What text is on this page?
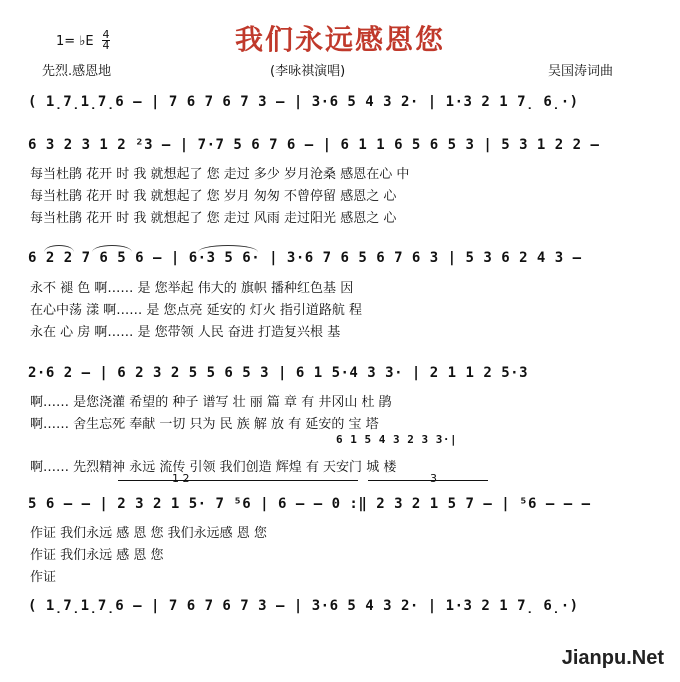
我们永远感恩您
1= ♭E 4
4
先烈.感恩地	(李咏祺演唱)	吴国涛词曲
( 1̣7̣1̣7̣6 – | 7 6 7 6 7 3 – | 3·6 5 4 3 2· | 1·3 2 1 7̣ 6̣·)
6 3 2 3 1 2 ²3 – | 7·7 5 6 7 6 – | 6 1 1 6 5 6 5 3 | 5 3 1 2 2 –
每当杜鹃 花开 时 我 就想起了 您 走过 多少 岁月沧桑 感恩在心 中
每当杜鹃 花开 时 我 就想起了 您 岁月 匆匆 不曾停留 感恩之 心
每当杜鹃 花开 时 我 就想起了 您 走过 风雨 走过阳光 感恩之 心
6 2 2 7 6 5 6 – | 6·3 5 6· | 3·6 7 6 5 6 7 6 3 | 5 3 6 2 4 3 –
永不 褪 色 啊…… 是 您举起 伟大的 旗帜 播种红色基 因
在心中荡 漾 啊…… 是 您点亮 延安的 灯火 指引道路航 程
永在 心 房 啊…… 是 您带领 人民 奋进 打造复兴根 基
2·6 2 – | 6 2 3 2 5 5 6 5 3 | 6 1 5·4 3 3· | 2 1 1 2 5·3
啊…… 是您浇灌 希望的 种子 谱写 壮 丽 篇 章 有 井冈山 杜 鹃
啊…… 舍生忘死 奉献 一切 只为 民 族 解 放 有 延安的 宝 塔
6 1 5 4 3 2 3 3·|
啊…… 先烈精神 永远 流传 引领 我们创造 辉煌 有 天安门 城 楼
1 2	3
5 6 – – | 2 3 2 1 5· 7 ⁵6 | 6 – – 0 :‖ 2 3 2 1 5 7 – | ⁵6 – – –
作证 我们永远 感 恩 您 我们永远感 恩 您
作证 我们永远 感 恩 您
作证
( 1̣7̣1̣7̣6 – | 7 6 7 6 7 3 – | 3·6 5 4 3 2· | 1·3 2 1 7̣ 6̣·)
Jianpu.Net
